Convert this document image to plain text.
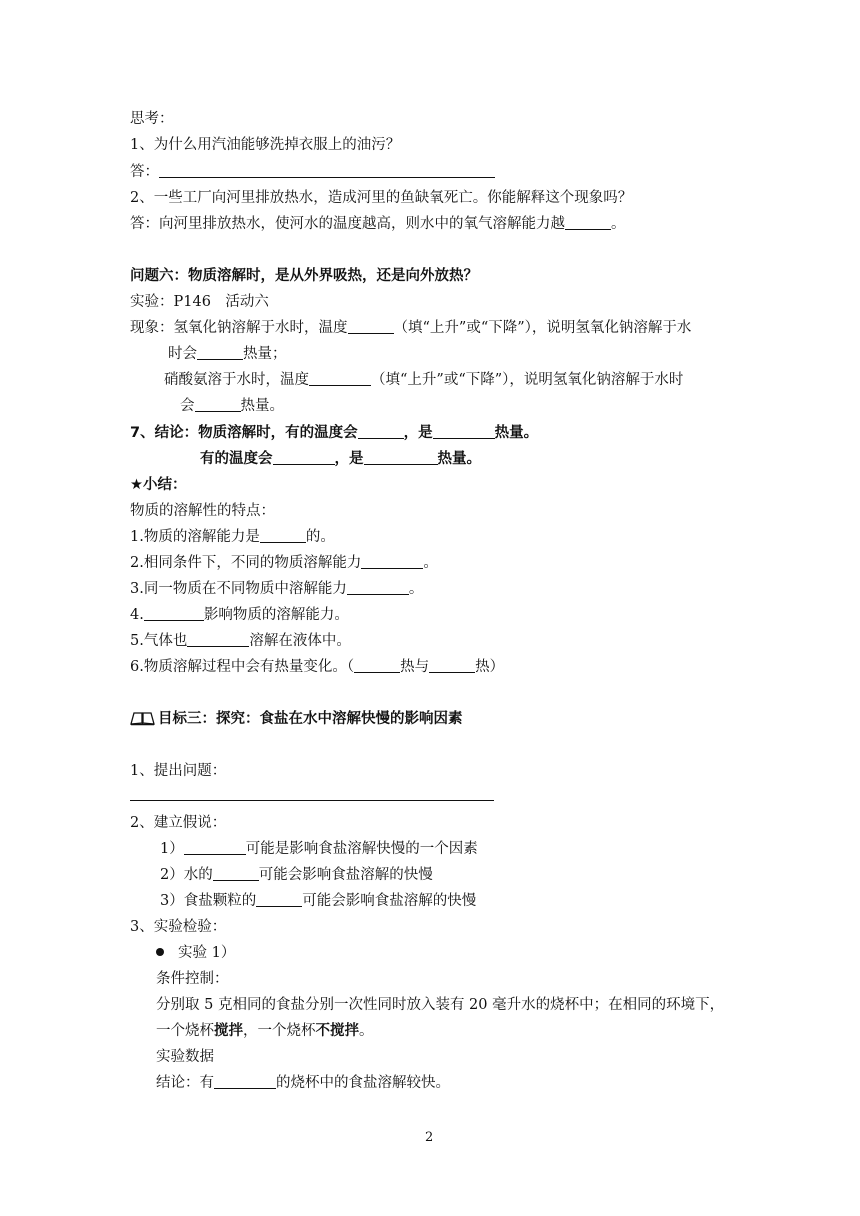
思考：
1、为什么用汽油能够洗掉衣服上的油污？
答：
2、一些工厂向河里排放热水，造成河里的鱼缺氧死亡。你能解释这个现象吗？
答：向河里排放热水，使河水的温度越高，则水中的氧气溶解能力越	。
问题六：物质溶解时，是从外界吸热，还是向外放热？
实验：P146　活动六
现象：氢氧化钠溶解于水时，温度	（填“上升”或“下降”），说明氢氧化钠溶解于水
时会	热量；
硝酸氨溶于水时，温度	（填“上升”或“下降”），说明氢氧化钠溶解于水时
会	热量。
7、结论：物质溶解时，有的温度会	，是	热量。
有的温度会	，是	热量。
★小结：
物质的溶解性的特点：
1.物质的溶解能力是	的。
2.相同条件下，不同的物质溶解能力	。
3.同一物质在不同物质中溶解能力	。
4.	影响物质的溶解能力。
5.气体也	溶解在液体中。
6.物质溶解过程中会有热量变化。（	热与	热）
目标三：探究：食盐在水中溶解快慢的影响因素
1、提出问题：
2、建立假说：
1）	可能是影响食盐溶解快慢的一个因素
2）水的	可能会影响食盐溶解的快慢
3）食盐颗粒的	可能会影响食盐溶解的快慢
3、实验检验：
实验 1）
条件控制：
分别取 5 克相同的食盐分别一次性同时放入装有 20 毫升水的烧杯中；在相同的环境下，
一个烧杯搅拌，一个烧杯不搅拌。
实验数据
结论：有	的烧杯中的食盐溶解较快。
2
